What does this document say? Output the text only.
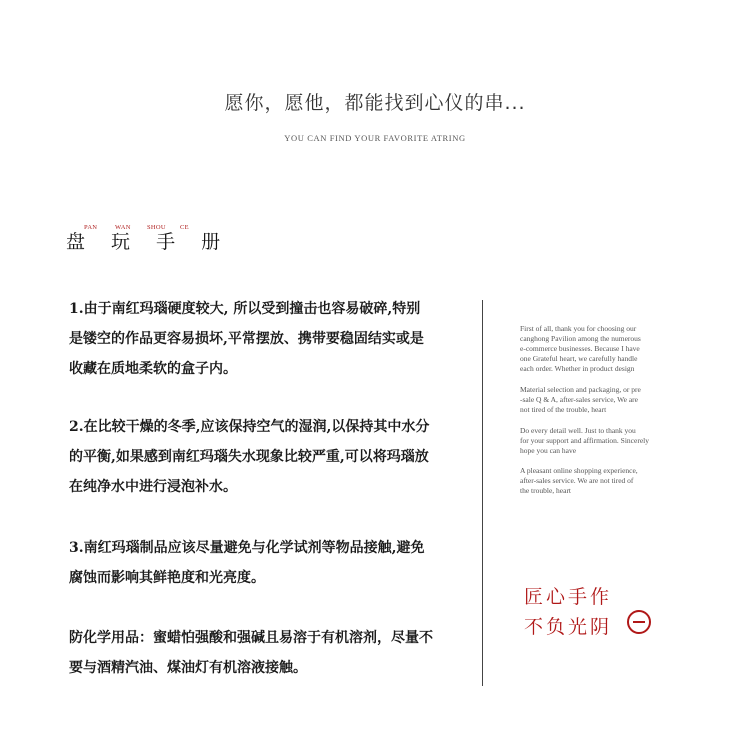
愿你，愿他，都能找到心仪的串...
YOU CAN FIND YOUR FAVORITE ATRING
盘 玩 手 册
PAN	WAN	SHOU CE
1.由于南红玛瑙硬度较大, 所以受到撞击也容易破碎,特别
是镂空的作品更容易损坏,平常摆放、携带要稳固结实或是
收藏在质地柔软的盒子内。
2.在比较干燥的冬季,应该保持空气的湿润,以保持其中水分
的平衡,如果感到南红玛瑙失水现象比较严重,可以将玛瑙放
在纯净水中进行浸泡补水。
3.南红玛瑙制品应该尽量避免与化学试剂等物品接触,避免
腐蚀而影响其鲜艳度和光亮度。
防化学用品：蜜蜡怕强酸和强碱且易溶于有机溶剂，尽量不
要与酒精汽油、煤油灯有机溶液接触。
First of all, thank you for choosing our
canghong Pavilion among the numerous
e-commerce businesses. Because I have
one Grateful heart, we carefully handle
each order. Whether in product design
Material selection and packaging, or pre
-sale Q & A, after-sales service, We are
not tired of the trouble, heart
Do every detail well. Just to thank you
for your support and affirmation. Sincerely
hope you can have
A pleasant online shopping experience,
after-sales service. We are not tired of
the trouble, heart
匠心手作
不负光阴
